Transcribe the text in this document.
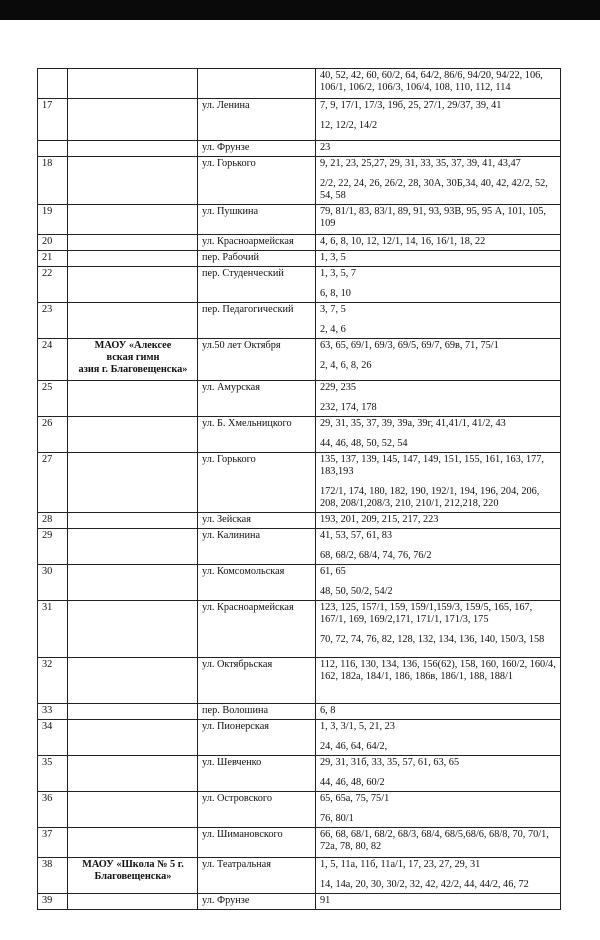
			40, 52, 42, 60, 60/2, 64, 64/2, 86/6, 94/20, 94/22, 106, 106/1, 106/2, 106/3, 106/4, 108, 110, 112, 114

17		ул. Ленина	7, 9, 17/1, 17/3, 19б, 25, 27/1, 29/37, 39, 41
12, 12/2, 14/2

		ул. Фрунзе	23

18		ул. Горького	9, 21, 23, 25,27, 29, 31, 33, 35, 37, 39, 41, 43,47
2/2, 22, 24, 26, 26/2, 28, 30А, 30Б,34, 40, 42, 42/2, 52, 54, 58

19		ул. Пушкина	79, 81/1, 83, 83/1, 89, 91, 93, 93В, 95, 95 А, 101, 105, 109

20		ул. Красноармейская	4, 6, 8, 10, 12, 12/1, 14, 16, 16/1, 18, 22

21		пер. Рабочий	1, 3, 5

22		пер. Студенческий	1, 3, 5, 7
6, 8, 10

23		пер. Педагогический	3, 7, 5
2, 4, 6

24	МАОУ «Алексее
вская гимн
азия г. Благовещенска»	ул.50 лет Октября	63, 65, 69/1, 69/3, 69/5, 69/7, 69в, 71, 75/1
2, 4, 6, 8, 26

25		ул. Амурская	229, 235
232, 174, 178

26		ул. Б. Хмельницкого	29, 31, 35, 37, 39, 39а, 39г, 41,41/1, 41/2, 43
44, 46, 48, 50, 52, 54

27		ул. Горького	135, 137, 139, 145, 147, 149, 151, 155, 161, 163, 177, 183,193
172/1, 174, 180, 182, 190, 192/1, 194, 196, 204, 206, 208, 208/1,208/3, 210, 210/1, 212,218, 220

28		ул. Зейская	193, 201, 209, 215, 217, 223

29		ул. Калинина	41, 53, 57, 61, 83
68, 68/2, 68/4, 74, 76, 76/2

30		ул. Комсомольская	61, 65
48, 50, 50/2, 54/2

31		ул. Красноармейская	123, 125, 157/1, 159, 159/1,159/3, 159/5, 165, 167, 167/1, 169, 169/2,171, 171/1, 171/3, 175
70, 72, 74, 76, 82, 128, 132, 134, 136, 140, 150/3, 158

32		ул. Октябрьская	112, 116, 130, 134, 136, 156(62), 158, 160, 160/2, 160/4, 162, 182а, 184/1, 186, 186в, 186/1, 188, 188/1

33		пер. Волошина	6, 8

34		ул. Пионерская	1, 3, 3/1, 5, 21, 23
24, 46, 64, 64/2,

35		ул. Шевченко	29, 31, 31б, 33, 35, 57, 61, 63, 65
44, 46, 48, 60/2

36		ул. Островского	65, 65а, 75, 75/1
76, 80/1

37		ул. Шимановского	66, 68, 68/1, 68/2, 68/3, 68/4, 68/5,68/6, 68/8, 70, 70/1, 72а, 78, 80, 82

38	МАОУ «Школа № 5 г. Благовещенска»	ул. Театральная	1, 5, 11а, 11б, 11а/1, 17, 23, 27, 29, 31
14, 14а, 20, 30, 30/2, 32, 42, 42/2, 44, 44/2, 46, 72

39		ул. Фрунзе	91
